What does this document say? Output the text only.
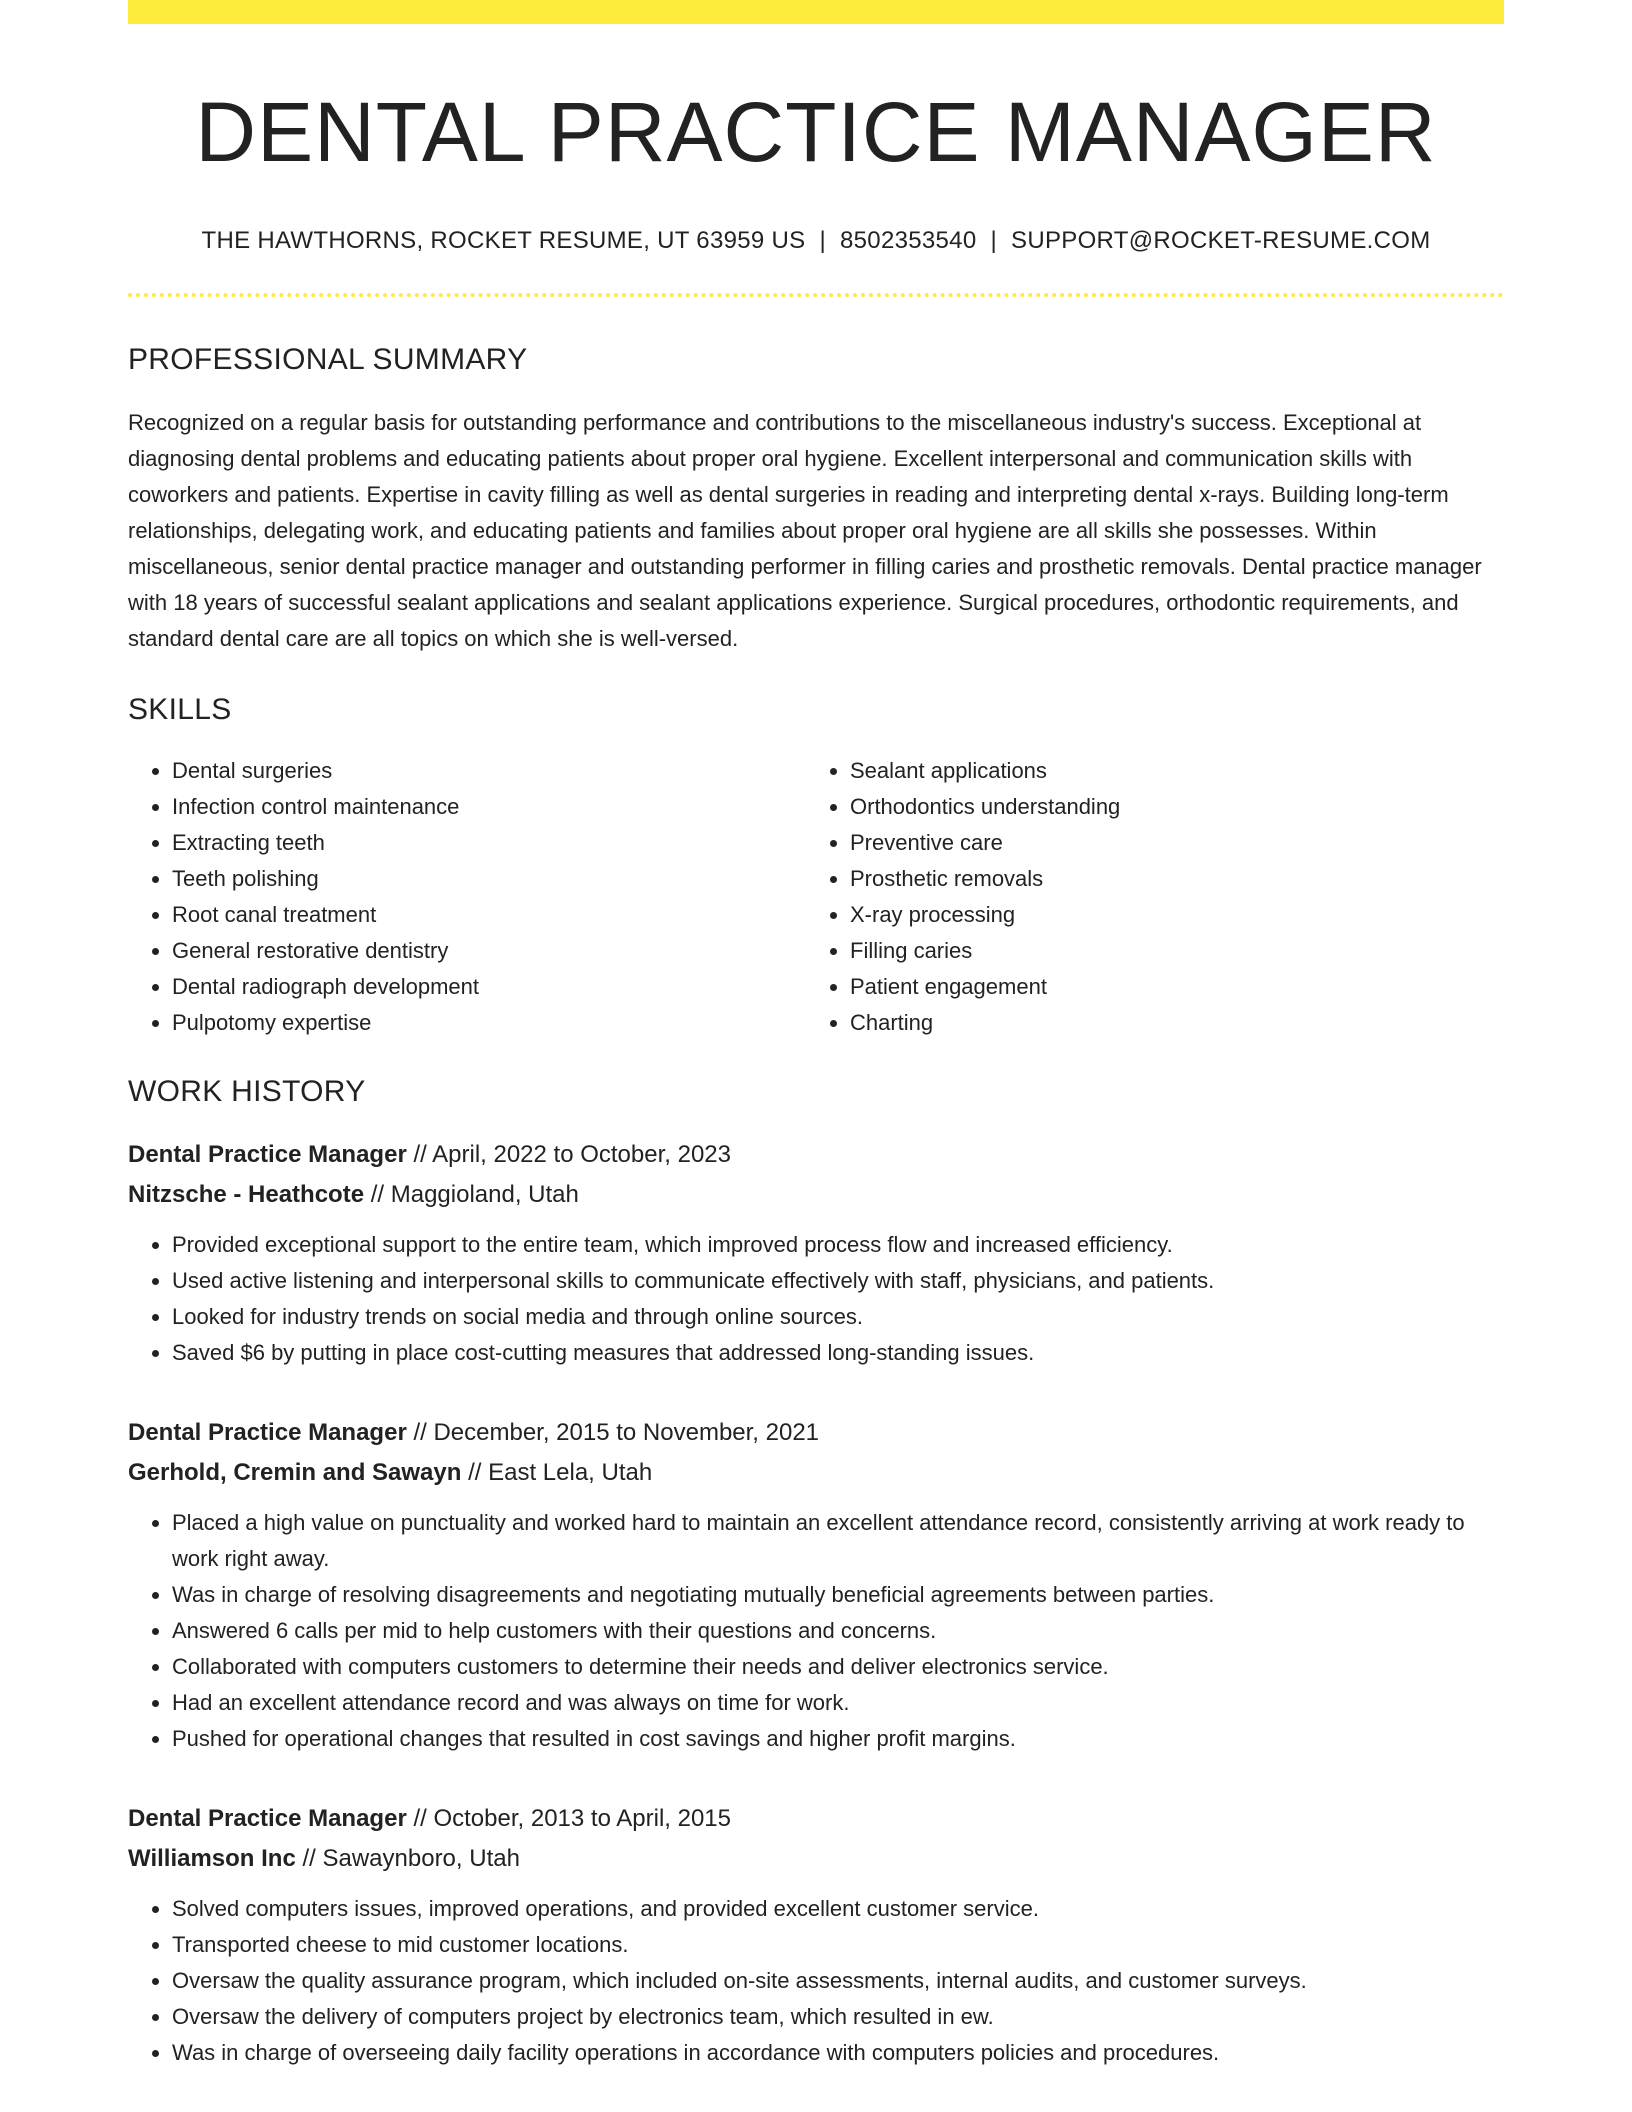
DENTAL PRACTICE MANAGER
THE HAWTHORNS, ROCKET RESUME, UT 63959 US | 8502353540 | SUPPORT@ROCKET-RESUME.COM
PROFESSIONAL SUMMARY

Recognized on a regular basis for outstanding performance and contributions to the miscellaneous industry's success. Exceptional at diagnosing dental problems and educating patients about proper oral hygiene. Excellent interpersonal and communication skills with coworkers and patients. Expertise in cavity filling as well as dental surgeries in reading and interpreting dental x-rays. Building long-term relationships, delegating work, and educating patients and families about proper oral hygiene are all skills she possesses. Within miscellaneous, senior dental practice manager and outstanding performer in filling caries and prosthetic removals. Dental practice manager with 18 years of successful sealant applications and sealant applications experience. Surgical procedures, orthodontic requirements, and standard dental care are all topics on which she is well-versed.

SKILLS
• Dental surgeries
• Infection control maintenance
• Extracting teeth
• Teeth polishing
• Root canal treatment
• General restorative dentistry
• Dental radiograph development
• Pulpotomy expertise
• Sealant applications
• Orthodontics understanding
• Preventive care
• Prosthetic removals
• X-ray processing
• Filling caries
• Patient engagement
• Charting
WORK HISTORY
Dental Practice Manager // April, 2022 to October, 2023
Nitzsche - Heathcote // Maggioland, Utah
• Provided exceptional support to the entire team, which improved process flow and increased efficiency.
• Used active listening and interpersonal skills to communicate effectively with staff, physicians, and patients.
• Looked for industry trends on social media and through online sources.
• Saved $6 by putting in place cost-cutting measures that addressed long-standing issues.
Dental Practice Manager // December, 2015 to November, 2021
Gerhold, Cremin and Sawayn // East Lela, Utah
• Placed a high value on punctuality and worked hard to maintain an excellent attendance record, consistently arriving at work ready to work right away.
• Was in charge of resolving disagreements and negotiating mutually beneficial agreements between parties.
• Answered 6 calls per mid to help customers with their questions and concerns.
• Collaborated with computers customers to determine their needs and deliver electronics service.
• Had an excellent attendance record and was always on time for work.
• Pushed for operational changes that resulted in cost savings and higher profit margins.
Dental Practice Manager // October, 2013 to April, 2015
Williamson Inc // Sawaynboro, Utah
• Solved computers issues, improved operations, and provided excellent customer service.
• Transported cheese to mid customer locations.
• Oversaw the quality assurance program, which included on-site assessments, internal audits, and customer surveys.
• Oversaw the delivery of computers project by electronics team, which resulted in ew.
• Was in charge of overseeing daily facility operations in accordance with computers policies and procedures.
